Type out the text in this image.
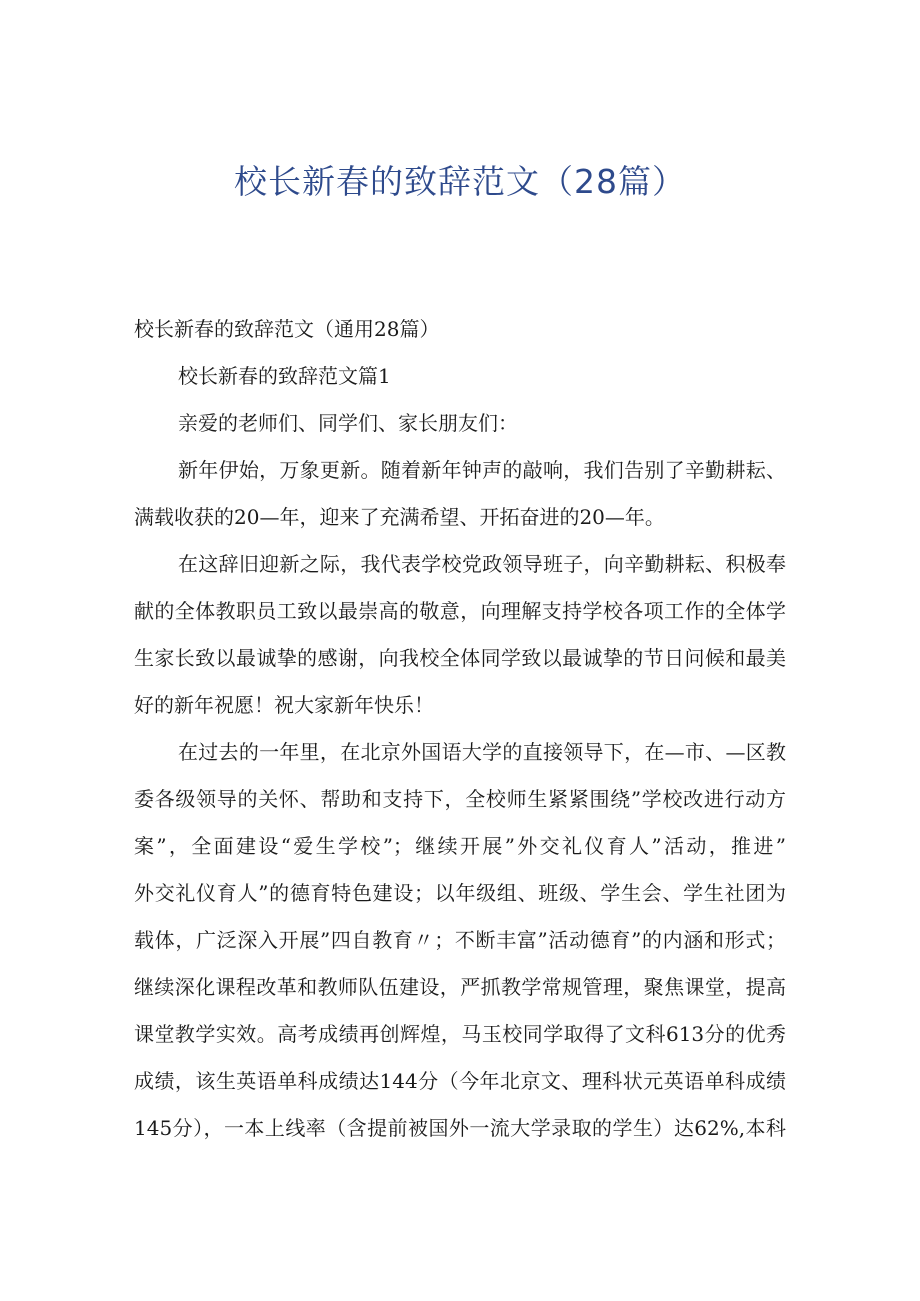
校长新春的致辞范文（28篇）
校长新春的致辞范文（通用28篇）
校长新春的致辞范文篇1
亲爱的老师们、同学们、家长朋友们：
新年伊始，万象更新。随着新年钟声的敲响，我们告别了辛勤耕耘、
满载收获的20—年，迎来了充满希望、开拓奋进的20—年。
在这辞旧迎新之际，我代表学校党政领导班子，向辛勤耕耘、积极奉
献的全体教职员工致以最崇高的敬意，向理解支持学校各项工作的全体学
生家长致以最诚挚的感谢，向我校全体同学致以最诚挚的节日问候和最美
好的新年祝愿！祝大家新年快乐！
在过去的一年里，在北京外国语大学的直接领导下，在—市、—区教
委各级领导的关怀、帮助和支持下，全校师生紧紧围绕”学校改进行动方
案”，全面建设“爱生学校”；继续开展”外交礼仪育人”活动，推进”
外交礼仪育人”的德育特色建设；以年级组、班级、学生会、学生社团为
载体，广泛深入开展”四自教育〃；不断丰富”活动德育”的内涵和形式；
继续深化课程改革和教师队伍建设，严抓教学常规管理，聚焦课堂，提高
课堂教学实效。高考成绩再创辉煌，马玉校同学取得了文科613分的优秀
成绩，该生英语单科成绩达144分（今年北京文、理科状元英语单科成绩
145分），一本上线率（含提前被国外一流大学录取的学生）达62%,本科
